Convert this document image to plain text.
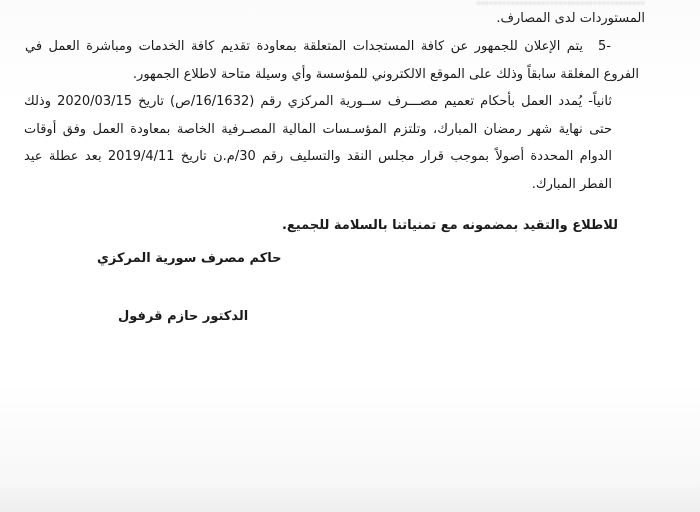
…………………………………
المستوردات لدى المصارف.
5-
يتم الإعلان للجمهور عن كافة المستجدات المتعلقة بمعاودة تقديم كافة الخدمات ومباشرة العمل في
الفروع المغلقة سابقاً وذلك على الموقع الالكتروني للمؤسسة وأي وسيلة متاحة لاطلاع الجمهور.
ثانياً- يُمدد العمل بأحكام تعميم مصـــرف ســورية المركزي رقم (16/1632/ص) تاريخ 2020/03/15 وذلك
حتى نهاية شهر رمضان المبارك، وتلتزم المؤسـسات المالية المصـرفية الخاصة بمعاودة العمل وفق أوقات
الدوام المحددة أصولاً بموجب قرار مجلس النقد والتسليف رقم 30/م.ن تاريخ 2019/4/11 بعد عطلة عيد
الفطر المبارك.
للاطلاع والتقيد بمضمونه مع تمنياتنا بالسلامة للجميع.
حاكم مصرف سورية المركزي
الدكتور حازم قرفول
